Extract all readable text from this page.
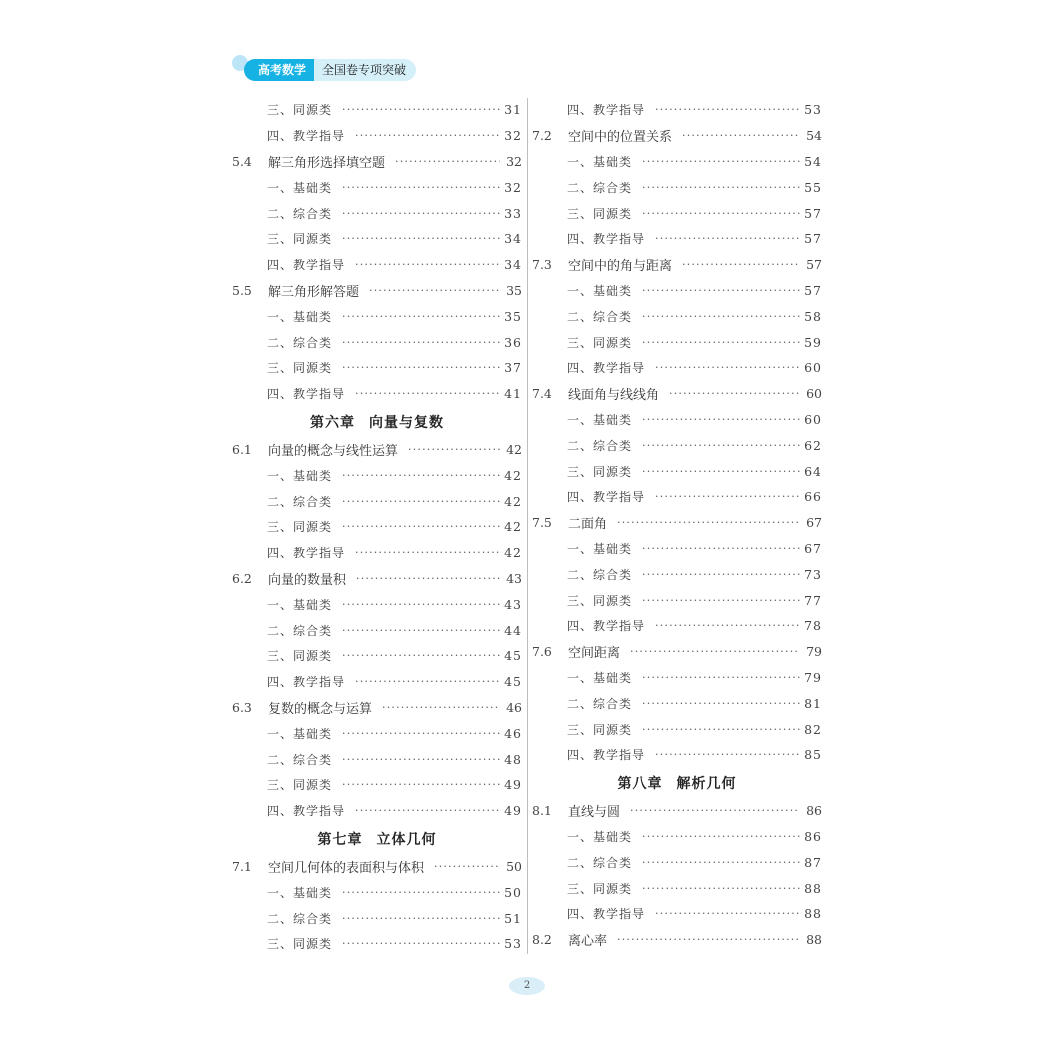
高考数学	全国卷专项突破
三、同源类 ·····	31
四、教学指导 ·····	32
5.4	解三角形选择填空题 ·····	32
一、基础类 ·····	32
二、综合类 ·····	33
三、同源类 ·····	34
四、教学指导 ·····	34
5.5	解三角形解答题 ·····	35
一、基础类 ·····	35
二、综合类 ·····	36
三、同源类 ·····	37
四、教学指导 ·····	41
第六章 向量与复数
6.1	向量的概念与线性运算 ·····	42
一、基础类 ·····	42
二、综合类 ·····	42
三、同源类 ·····	42
四、教学指导 ·····	42
6.2	向量的数量积 ·····	43
一、基础类 ·····	43
二、综合类 ·····	44
三、同源类 ·····	45
四、教学指导 ·····	45
6.3	复数的概念与运算 ·····	46
一、基础类 ·····	46
二、综合类 ·····	48
三、同源类 ·····	49
四、教学指导 ·····	49
第七章 立体几何
7.1	空间几何体的表面积与体积 ·····	50
一、基础类 ·····	50
二、综合类 ·····	51
三、同源类 ·····	53
四、教学指导 ·····	53
7.2	空间中的位置关系 ·····	54
一、基础类 ·····	54
二、综合类 ·····	55
三、同源类 ·····	57
四、教学指导 ·····	57
7.3	空间中的角与距离 ·····	57
一、基础类 ·····	57
二、综合类 ·····	58
三、同源类 ·····	59
四、教学指导 ·····	60
7.4	线面角与线线角 ·····	60
一、基础类 ·····	60
二、综合类 ·····	62
三、同源类 ·····	64
四、教学指导 ·····	66
7.5	二面角 ·····	67
一、基础类 ·····	67
二、综合类 ·····	73
三、同源类 ·····	77
四、教学指导 ·····	78
7.6	空间距离 ·····	79
一、基础类 ·····	79
二、综合类 ·····	81
三、同源类 ·····	82
四、教学指导 ·····	85
第八章 解析几何
8.1	直线与圆 ·····	86
一、基础类 ·····	86
二、综合类 ·····	87
三、同源类 ·····	88
四、教学指导 ·····	88
8.2	离心率 ·····	88
2
